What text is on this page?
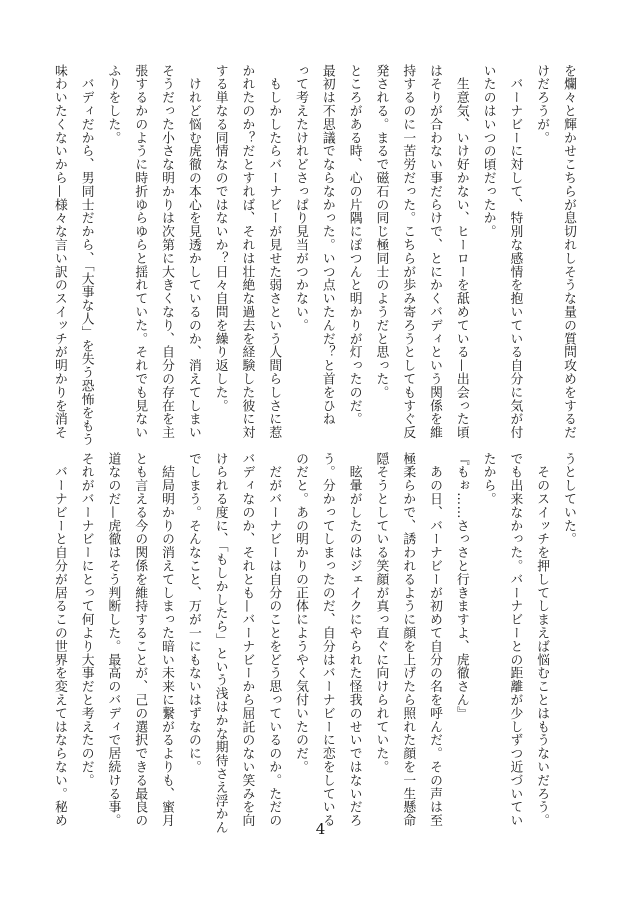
を爛々と輝かせこちらが息切れしそうな量の質問攻めをするだ

けだろうが。

　バーナビーに対して、特別な感情を抱いている自分に気が付

いたのはいつの頃だったか。

　生意気、いけ好かない、ヒーローを舐めている—出会った頃

はそりが合わない事だらけで、とにかくバディという関係を維

持するのに一苦労だった。こちらが歩み寄ろうとしてもすぐ反

発される。まるで磁石の同じ極同士のようだと思った。

ところがある時、心の片隅にぽつんと明かりが灯ったのだ。

最初は不思議でならなかった。いつ点いたんだ？と首をひね

って考えたけれどさっぱり見当がつかない。

　もしかしたらバーナビーが見せた弱さという人間らしさに惹

かれたのか？だとすれば、それは壮絶な過去を経験した彼に対

する単なる同情なのではないか？日々自問を繰り返した。

　けれど悩む虎徹の本心を見透かしているのか、消えてしまい

そうだった小さな明かりは次第に大きくなり、自分の存在を主

張するかのように時折ゆらゆらと揺れていた。それでも見ない

ふりをした。

　バディだから、男同士だから、「大事な人」を失う恐怖をもう

味わいたくないから—様々な言い訳のスイッチが明かりを消そ

うとしていた。

　そのスイッチを押してしまえば悩むことはもうないだろう。

でも出来なかった。バーナビーとの距離が少しずつ近づいてい

たから。

『もぉ……さっさと行きますよ、虎徹さん』

　あの日、バーナビーが初めて自分の名を呼んだ。その声は至

極柔らかで、誘われるように顔を上げたら照れた顔を一生懸命

隠そうとしている笑顔が真っ直ぐに向けられていた。

　眩暈がしたのはジェイクにやられた怪我のせいではないだろ

う。分かってしまったのだ、自分はバーナビーに恋をしている

のだと。あの明かりの正体にようやく気付いたのだ。

　だがバーナビーは自分のことをどう思っているのか。ただの

バディなのか、それとも—バーナビーから屈託のない笑みを向

けられる度に、「もしかしたら」という浅はかな期待さえ浮かん

でしまう。そんなこと、万が一にもないはずなのに。

　結局明かりの消えてしまった暗い未来に繋がるよりも、蜜月

とも言える今の関係を維持することが、己の選択できる最良の

道なのだ—虎徹はそう判断した。最高のバディで居続ける事。

それがバーナビーにとって何より大事だと考えたのだ。

　バーナビーと自分が居るこの世界を変えてはならない。秘め

4
